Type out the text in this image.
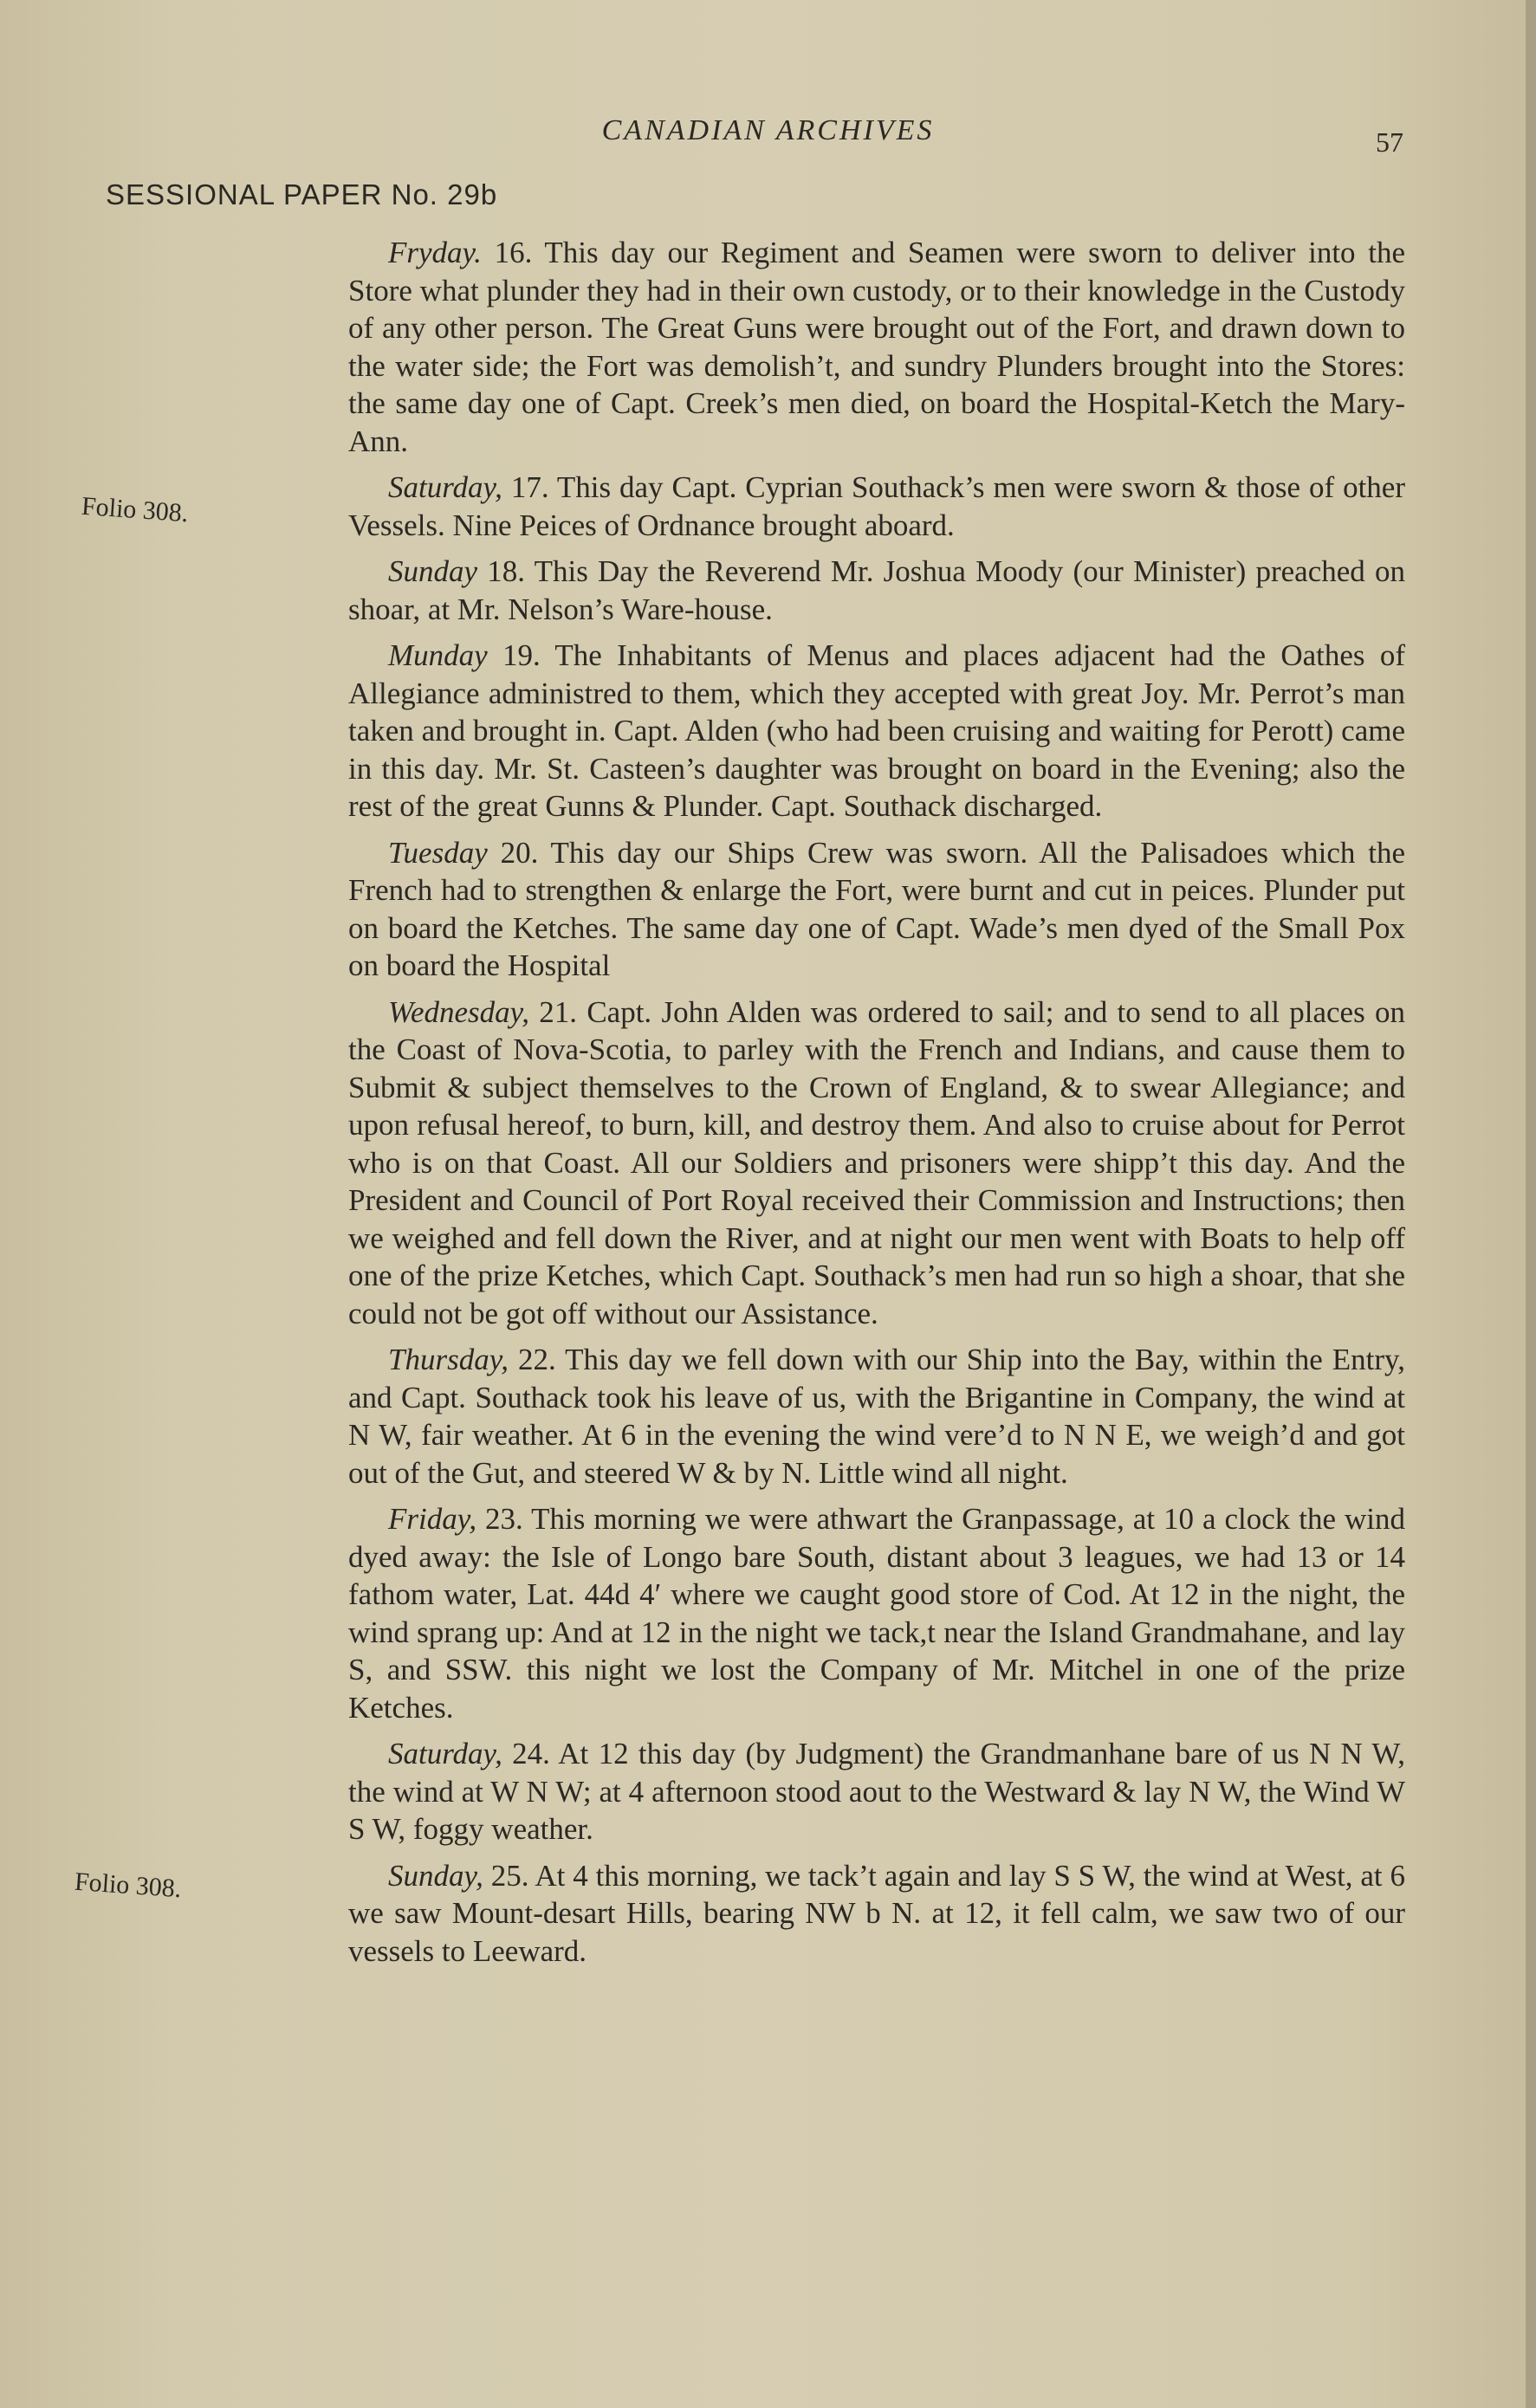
CANADIAN ARCHIVES	57
SESSIONAL PAPER No. 29b
Folio 308.
Folio 308.

Fryday. 16. This day our Regiment and Seamen were sworn to deliver into the Store what plunder they had in their own custody, or to their knowledge in the Custody of any other person. The Great Guns were brought out of the Fort, and drawn down to the water side; the Fort was demolish’t, and sundry Plunders brought into the Stores: the same day one of Capt. Creek’s men died, on board the Hospital-Ketch the Mary-Ann.

Saturday, 17. This day Capt. Cyprian Southack’s men were sworn & those of other Vessels. Nine Peices of Ordnance brought aboard.

Sunday 18. This Day the Reverend Mr. Joshua Moody (our Minister) preached on shoar, at Mr. Nelson’s Ware-house.

Munday 19. The Inhabitants of Menus and places adjacent had the Oathes of Allegiance administred to them, which they accepted with great Joy. Mr. Perrot’s man taken and brought in. Capt. Alden (who had been cruising and waiting for Perott) came in this day. Mr. St. Casteen’s daughter was brought on board in the Evening; also the rest of the great Gunns & Plunder. Capt. Southack discharged.

Tuesday 20. This day our Ships Crew was sworn. All the Palisadoes which the French had to strengthen & enlarge the Fort, were burnt and cut in peices. Plunder put on board the Ketches. The same day one of Capt. Wade’s men dyed of the Small Pox on board the Hospital

Wednesday, 21. Capt. John Alden was ordered to sail; and to send to all places on the Coast of Nova-Scotia, to parley with the French and Indians, and cause them to Submit & subject themselves to the Crown of England, & to swear Allegiance; and upon refusal hereof, to burn, kill, and destroy them. And also to cruise about for Perrot who is on that Coast. All our Soldiers and prisoners were shipp’t this day. And the President and Council of Port Royal received their Commission and Instructions; then we weighed and fell down the River, and at night our men went with Boats to help off one of the prize Ketches, which Capt. Southack’s men had run so high a shoar, that she could not be got off without our Assistance.

Thursday, 22. This day we fell down with our Ship into the Bay, within the Entry, and Capt. Southack took his leave of us, with the Brigantine in Company, the wind at N W, fair weather. At 6 in the evening the wind vere’d to N N E, we weigh’d and got out of the Gut, and steered W & by N. Little wind all night.

Friday, 23. This morning we were athwart the Granpassage, at 10 a clock the wind dyed away: the Isle of Longo bare South, distant about 3 leagues, we had 13 or 14 fathom water, Lat. 44d 4′ where we caught good store of Cod. At 12 in the night, the wind sprang up: And at 12 in the night we tack,t near the Island Grandmahane, and lay S, and SSW. this night we lost the Company of Mr. Mitchel in one of the prize Ketches.

Saturday, 24. At 12 this day (by Judgment) the Grandmanhane bare of us N N W, the wind at W N W; at 4 afternoon stood aout to the Westward & lay N W, the Wind W S W, foggy weather.

Sunday, 25. At 4 this morning, we tack’t again and lay S S W, the wind at West, at 6 we saw Mount-desart Hills, bearing NW b N. at 12, it fell calm, we saw two of our vessels to Leeward.
